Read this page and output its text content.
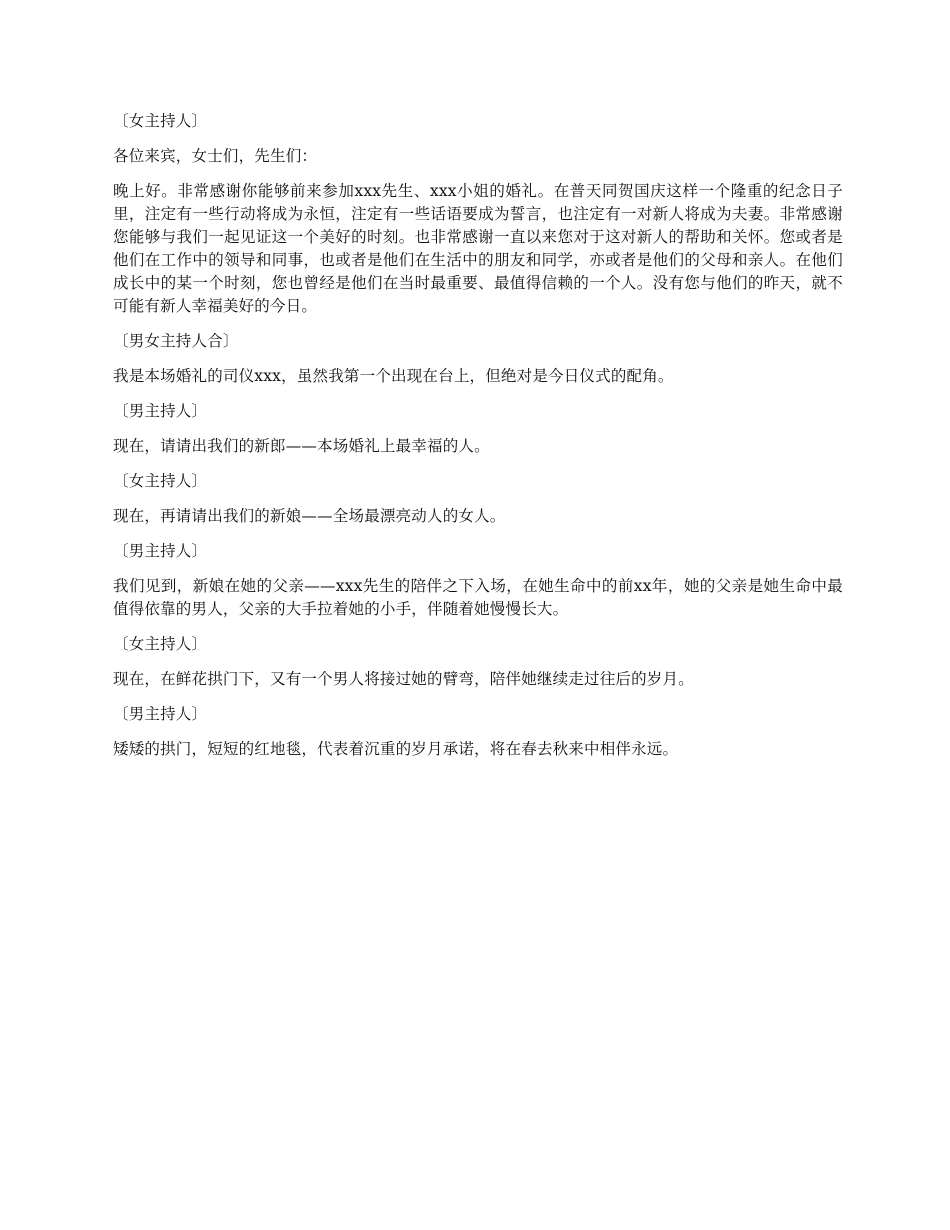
〔女主持人〕

各位来宾，女士们，先生们：

晚上好。非常感谢你能够前来参加xxx先生、xxx小姐的婚礼。在普天同贺国庆这样一个隆重的纪念日子里，注定有一些行动将成为永恒，注定有一些话语要成为誓言，也注定有一对新人将成为夫妻。非常感谢您能够与我们一起见证这一个美好的时刻。也非常感谢一直以来您对于这对新人的帮助和关怀。您或者是他们在工作中的领导和同事，也或者是他们在生活中的朋友和同学，亦或者是他们的父母和亲人。在他们成长中的某一个时刻，您也曾经是他们在当时最重要、最值得信赖的一个人。没有您与他们的昨天，就不可能有新人幸福美好的今日。

〔男女主持人合〕

我是本场婚礼的司仪xxx，虽然我第一个出现在台上，但绝对是今日仪式的配角。

〔男主持人〕

现在，请请出我们的新郎——本场婚礼上最幸福的人。

〔女主持人〕

现在，再请请出我们的新娘——全场最漂亮动人的女人。

〔男主持人〕

我们见到，新娘在她的父亲——xxx先生的陪伴之下入场，在她生命中的前xx年，她的父亲是她生命中最值得依靠的男人，父亲的大手拉着她的小手，伴随着她慢慢长大。

〔女主持人〕

现在，在鲜花拱门下，又有一个男人将接过她的臂弯，陪伴她继续走过往后的岁月。

〔男主持人〕

矮矮的拱门，短短的红地毯，代表着沉重的岁月承诺，将在春去秋来中相伴永远。
